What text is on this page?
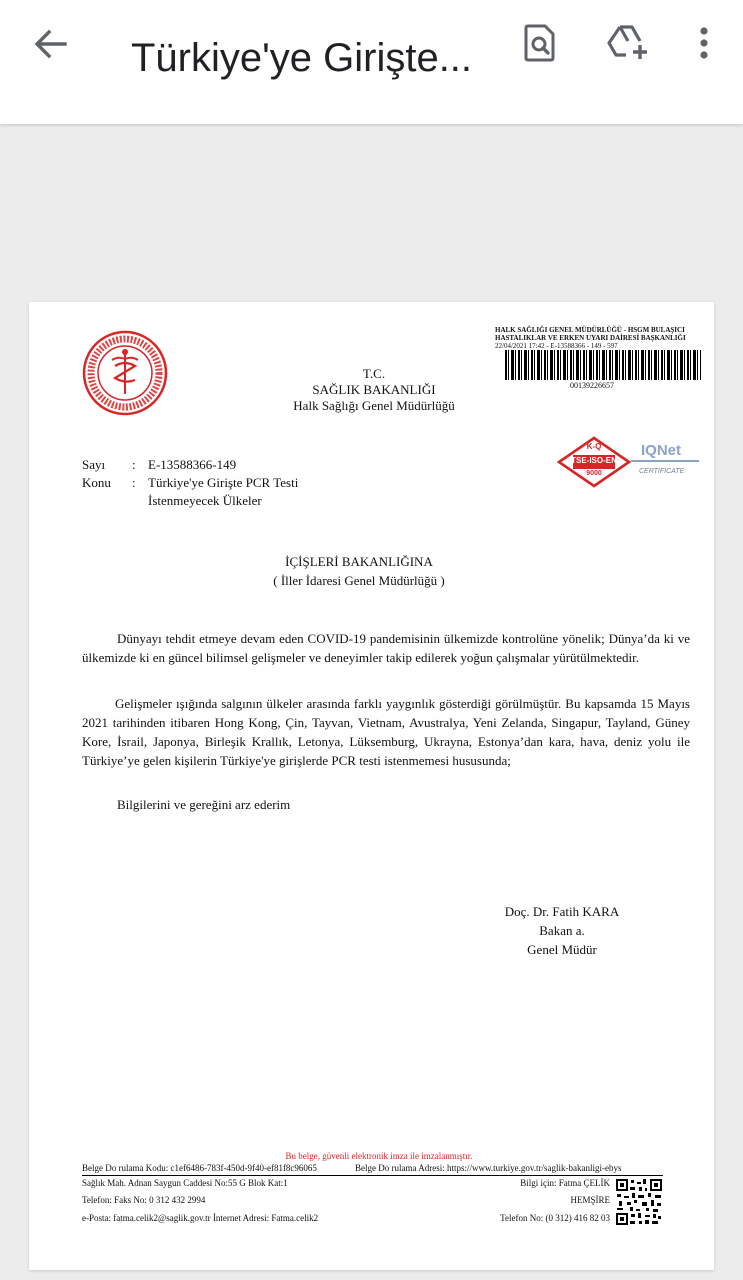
Türkiye'ye Girişte...
HALK SAĞLIĞI GENEL MÜDÜRLÜĞÜ - HSGM BULAŞICI
HASTALIKLAR VE ERKEN UYARI DAİRESİ BAŞKANLIĞI
22/04/2021 17:42 - E-13588366 - 149 - 597
00139226657
T.C.
SAĞLIK BAKANLIĞI
Halk Sağlığı Genel Müdürlüğü
K-Q
TSE-ISO-EN
9000
IQNet
CERTIFICATE
Sayı : E-13588366-149
Konu : Türkiye'ye Girişte PCR Testi
İstenmeyecek Ülkeler
İÇİŞLERİ BAKANLIĞINA
( İller İdaresi Genel Müdürlüğü )
Dünyayı tehdit etmeye devam eden COVID-19 pandemisinin ülkemizde kontrolüne yönelik; Dünya’da ki ve ülkemizde ki en güncel bilimsel gelişmeler ve deneyimler takip edilerek yoğun çalışmalar yürütülmektedir.
Gelişmeler ışığında salgının ülkeler arasında farklı yaygınlık gösterdiği görülmüştür. Bu kapsamda 15 Mayıs 2021 tarihinden itibaren Hong Kong, Çin, Tayvan, Vietnam, Avustralya, Yeni Zelanda, Singapur, Tayland, Güney Kore, İsrail, Japonya, Birleşik Krallık, Letonya, Lüksemburg, Ukrayna, Estonya’dan kara, hava, deniz yolu ile Türkiye’ye gelen kişilerin Türkiye'ye girişlerde PCR testi istenmemesi hususunda;
Bilgilerini ve gereğini arz ederim
Doç. Dr. Fatih KARA
Bakan a.
Genel Müdür
Bu belge, güvenli elektronik imza ile imzalanmıştır.
Belge Do rulama Kodu: c1ef6486-783f-450d-9f40-ef81f8c96065	Belge Do rulama Adresi: https://www.turkiye.gov.tr/saglik-bakanligi-ebys
Sağlık Mah. Adnan Saygun Caddesi No:55 G Blok Kat:1
Telefon: Faks No: 0 312 432 2994
e-Posta: fatma.celik2@saglik.gov.tr İnternet Adresi: Fatma.celik2
Bilgi için: Fatma ÇELİK
HEMŞİRE
Telefon No: (0 312) 416 82 03
